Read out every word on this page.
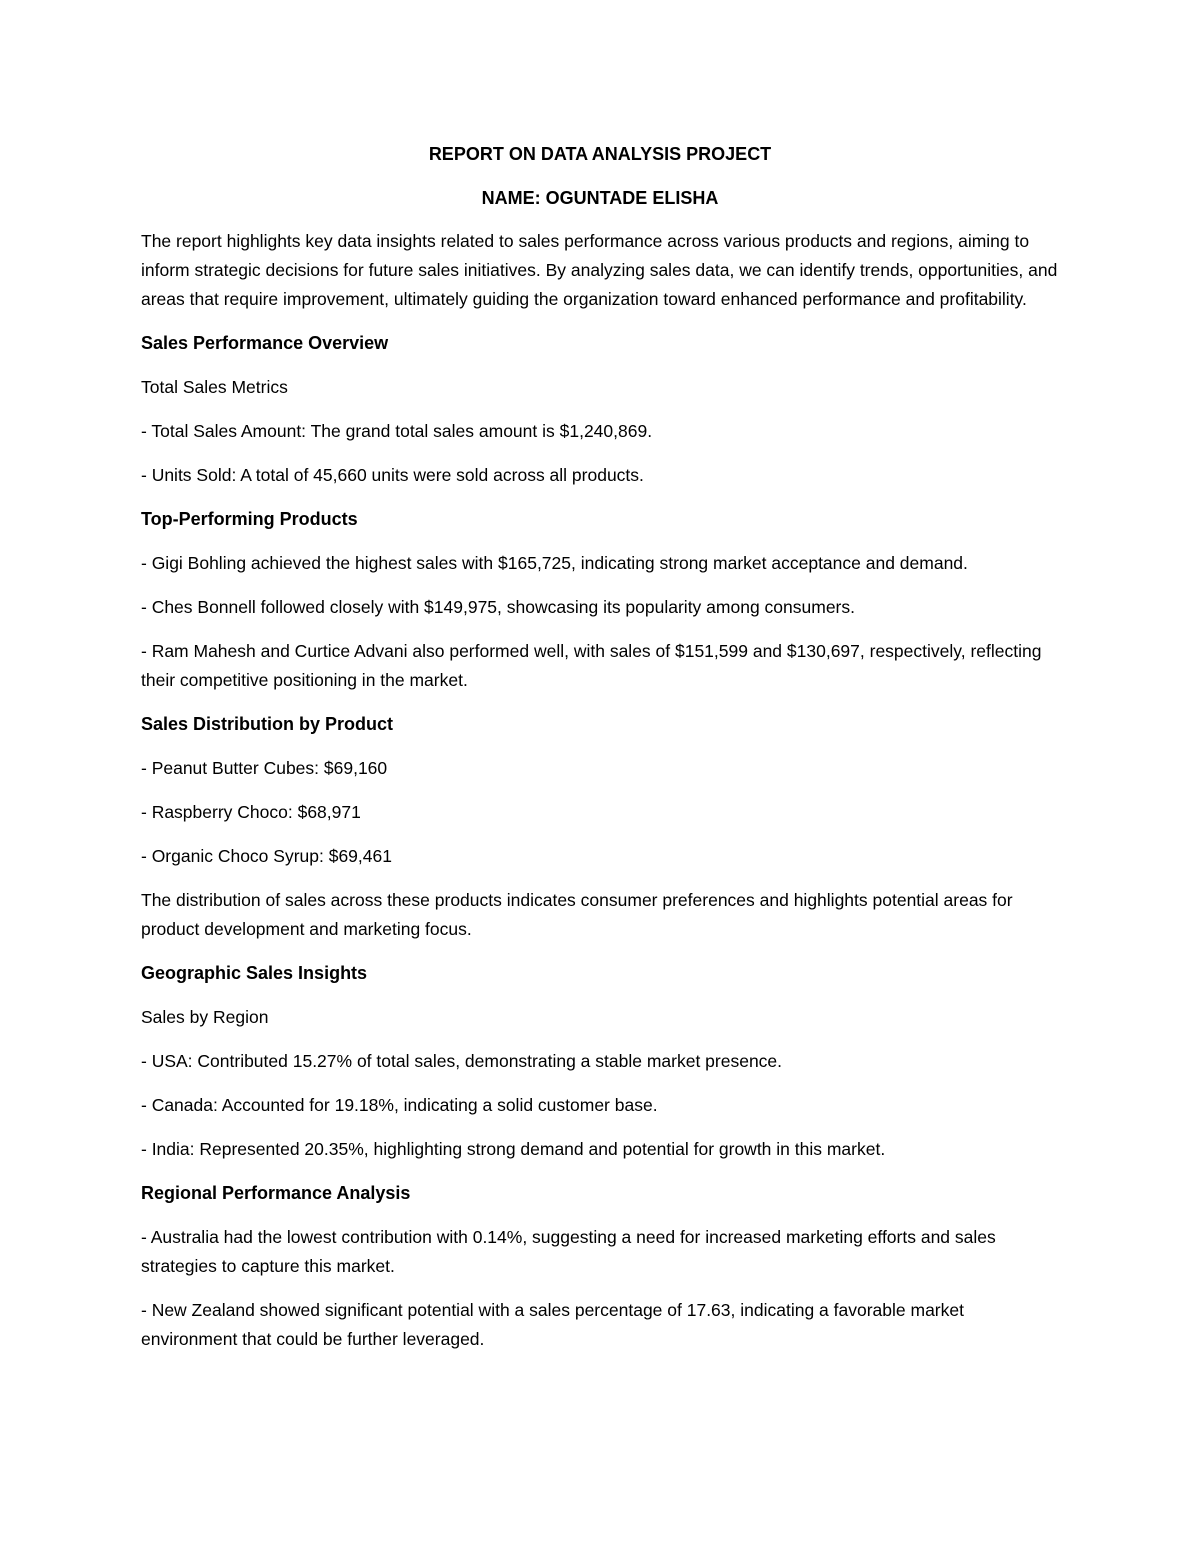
REPORT ON DATA ANALYSIS PROJECT
NAME: OGUNTADE ELISHA

The report highlights key data insights related to sales performance across various products and regions, aiming to inform strategic decisions for future sales initiatives. By analyzing sales data, we can identify trends, opportunities, and areas that require improvement, ultimately guiding the organization toward enhanced performance and profitability.

Sales Performance Overview

Total Sales Metrics

- Total Sales Amount: The grand total sales amount is $1,240,869.

- Units Sold: A total of 45,660 units were sold across all products.

Top-Performing Products

- Gigi Bohling achieved the highest sales with $165,725, indicating strong market acceptance and demand.

- Ches Bonnell followed closely with $149,975, showcasing its popularity among consumers.

- Ram Mahesh and Curtice Advani also performed well, with sales of $151,599 and $130,697, respectively, reflecting their competitive positioning in the market.

Sales Distribution by Product

- Peanut Butter Cubes: $69,160

- Raspberry Choco: $68,971

- Organic Choco Syrup: $69,461

The distribution of sales across these products indicates consumer preferences and highlights potential areas for product development and marketing focus.

Geographic Sales Insights

Sales by Region

- USA: Contributed 15.27% of total sales, demonstrating a stable market presence.

- Canada: Accounted for 19.18%, indicating a solid customer base.

- India: Represented 20.35%, highlighting strong demand and potential for growth in this market.

Regional Performance Analysis

- Australia had the lowest contribution with 0.14%, suggesting a need for increased marketing efforts and sales strategies to capture this market.

- New Zealand showed significant potential with a sales percentage of 17.63, indicating a favorable market environment that could be further leveraged.
